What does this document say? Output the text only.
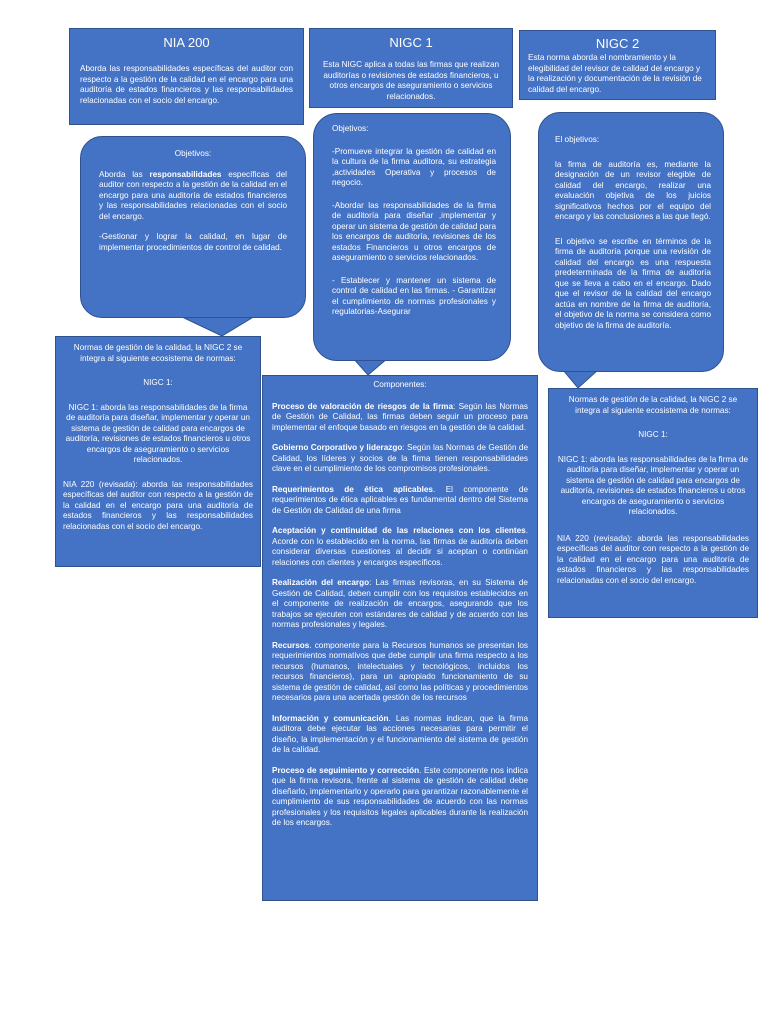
NIA 200
Aborda las responsabilidades específicas del auditor con respecto a la gestión de la calidad en el encargo para una auditoría de estados financieros y las responsabilidades relacionadas con el socio del encargo.
NIGC 1
Esta NIGC aplica a todas las firmas que realizan auditorías o revisiones de estados financieros, u otros encargos de aseguramiento o servicios relacionados.
NIGC 2
Esta norma aborda el nombramiento y la elegibilidad del revisor de calidad del encargo y la realización y documentación de la revisión de calidad del encargo.
Objetivos:
Aborda las responsabilidades específicas del auditor con respecto a la gestión de la calidad en el encargo para una auditoría de estados financieros y las responsabilidades relacionadas con el socio del encargo.
-Gestionar y lograr la calidad, en lugar de implementar procedimientos de control de calidad.
Objetivos:
-Promueve integrar la gestión de calidad en la cultura de la firma auditora, su estrategia ,actividades Operativa y procesos de negocio.
-Abordar las responsabilidades de la firma de auditoría para diseñar ,implementar y operar un sistema de gestión de calidad para los encargos de auditoría, revisiones de los estados Financieros u otros encargos de aseguramiento o servicios relacionados.
- Establecer y mantener un sistema de control de calidad en las firmas. - Garantizar el cumplimiento de normas profesionales y regulatorias-Asegurar
El objetivos:
la firma de auditoría es, mediante la designación de un revisor elegible de calidad del encargo, realizar una evaluación objetiva de los juicios significativos hechos por el equipo del encargo y las conclusiones a las que llegó.
El objetivo se escribe en términos de la firma de auditoría porque una revisión de calidad del encargo es una respuesta predeterminada de la firma de auditoría que se lleva a cabo en el encargo. Dado que el revisor de la calidad del encargo actúa en nombre de la firma de auditoría, el objetivo de la norma se considera como objetivo de la firma de auditoría.
Normas de gestión de la calidad, la NIGC 2 se integra al siguiente ecosistema de normas:
NIGC 1:
NIGC 1: aborda las responsabilidades de la firma de auditoría para diseñar, implementar y operar un sistema de gestión de calidad para encargos de auditoría, revisiones de estados financieros u otros encargos de aseguramiento o servicios relacionados.
NIA 220 (revisada): aborda las responsabilidades específicas del auditor con respecto a la gestión de la calidad en el encargo para una auditoría de estados financieros y las responsabilidades relacionadas con el socio del encargo.
Normas de gestión de la calidad, la NIGC 2 se integra al siguiente ecosistema de normas:
NIGC 1:
NIGC 1: aborda las responsabilidades de la firma de auditoría para diseñar, implementar y operar un sistema de gestión de calidad para encargos de auditoría, revisiones de estados financieros u otros encargos de aseguramiento o servicios relacionados.
NIA 220 (revisada): aborda las responsabilidades específicas del auditor con respecto a la gestión de la calidad en el encargo para una auditoría de estados financieros y las responsabilidades relacionadas con el socio del encargo.
Componentes:

Proceso de valoración de riesgos de la firma: Según las Normas de Gestión de Calidad, las firmas deben seguir un proceso para implementar el enfoque basado en riesgos en la gestión de la calidad.

Gobierno Corporativo y liderazgo: Según las Normas de Gestión de Calidad, los líderes y socios de la firma tienen responsabilidades clave en el cumplimiento de los compromisos profesionales.

Requerimientos de ética aplicables. El componente de requerimientos de ética aplicables es fundamental dentro del Sistema de Gestión de Calidad de una firma

Aceptación y continuidad de las relaciones con los clientes. Acorde con lo establecido en la norma, las firmas de auditoría deben considerar diversas cuestiones al decidir si aceptan o continúan relaciones con clientes y encargos específicos.

Realización del encargo: Las firmas revisoras, en su Sistema de Gestión de Calidad, deben cumplir con los requisitos establecidos en el componente de realización de encargos, asegurando que los trabajos se ejecuten con estándares de calidad y de acuerdo con las normas profesionales y legales.

Recursos. componente para la Recursos humanos se presentan los requerimientos normativos que debe cumplir una firma respecto a los recursos (humanos, intelectuales y tecnológicos, incluidos los recursos financieros), para un apropiado funcionamiento de su sistema de gestión de calidad, así como las políticas y procedimientos necesarios para una acertada gestión de los recursos

Información y comunicación. Las normas indican, que la firma auditora debe ejecutar las acciones necesarias para permitir el diseño, la implementación y el funcionamiento del sistema de gestión de la calidad.

Proceso de seguimiento y corrección. Este componente nos indica que la firma revisora, frente al sistema de gestión de calidad debe diseñarlo, implementarlo y operarlo para garantizar razonablemente el cumplimiento de sus responsabilidades de acuerdo con las normas profesionales y los requisitos legales aplicables durante la realización de los encargos.
